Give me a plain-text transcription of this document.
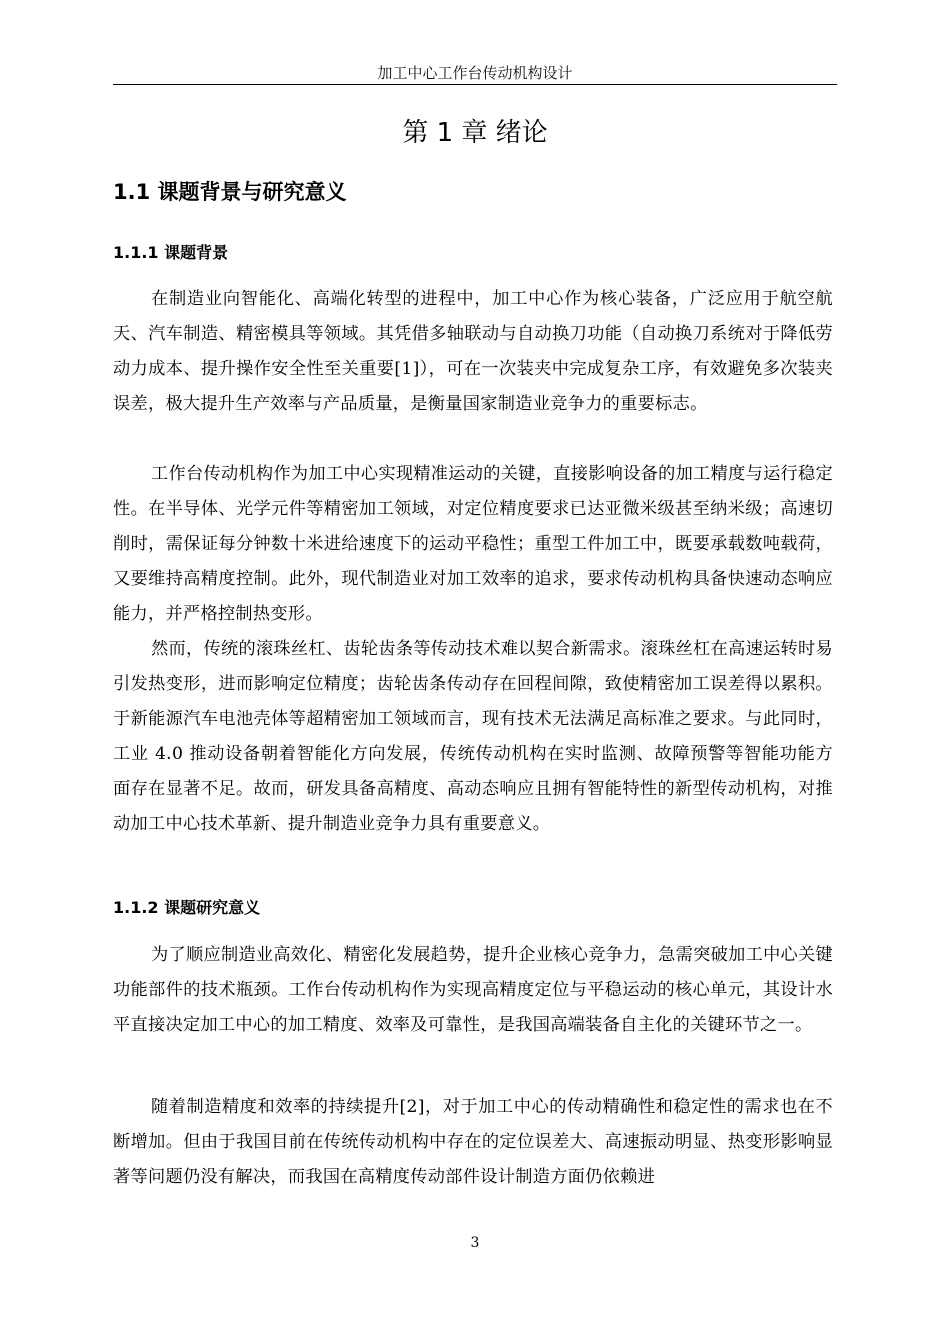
加工中心工作台传动机构设计
第 1 章 绪论
1.1 课题背景与研究意义
1.1.1 课题背景

在制造业向智能化、高端化转型的进程中，加工中心作为核心装备，广泛应用于航空航天、汽车制造、精密模具等领域。其凭借多轴联动与自动换刀功能（自动换刀系统对于降低劳动力成本、提升操作安全性至关重要[1]），可在一次装夹中完成复杂工序，有效避免多次装夹误差，极大提升生产效率与产品质量，是衡量国家制造业竞争力的重要标志。

工作台传动机构作为加工中心实现精准运动的关键，直接影响设备的加工精度与运行稳定性。在半导体、光学元件等精密加工领域，对定位精度要求已达亚微米级甚至纳米级；高速切削时，需保证每分钟数十米进给速度下的运动平稳性；重型工件加工中，既要承载数吨载荷，又要维持高精度控制。此外，现代制造业对加工效率的追求，要求传动机构具备快速动态响应能力，并严格控制热变形。

然而，传统的滚珠丝杠、齿轮齿条等传动技术难以契合新需求。滚珠丝杠在高速运转时易引发热变形，进而影响定位精度；齿轮齿条传动存在回程间隙，致使精密加工误差得以累积。于新能源汽车电池壳体等超精密加工领域而言，现有技术无法满足高标准之要求。与此同时，工业 4.0 推动设备朝着智能化方向发展，传统传动机构在实时监测、故障预警等智能功能方面存在显著不足。故而，研发具备高精度、高动态响应且拥有智能特性的新型传动机构，对推动加工中心技术革新、提升制造业竞争力具有重要意义。

1.1.2 课题研究意义

为了顺应制造业高效化、精密化发展趋势，提升企业核心竞争力，急需突破加工中心关键功能部件的技术瓶颈。工作台传动机构作为实现高精度定位与平稳运动的核心单元，其设计水平直接决定加工中心的加工精度、效率及可靠性，是我国高端装备自主化的关键环节之一。

随着制造精度和效率的持续提升[2]，对于加工中心的传动精确性和稳定性的需求也在不断增加。但由于我国目前在传统传动机构中存在的定位误差大、高速振动明显、热变形影响显著等问题仍没有解决，而我国在高精度传动部件设计制造方面仍依赖进

3
